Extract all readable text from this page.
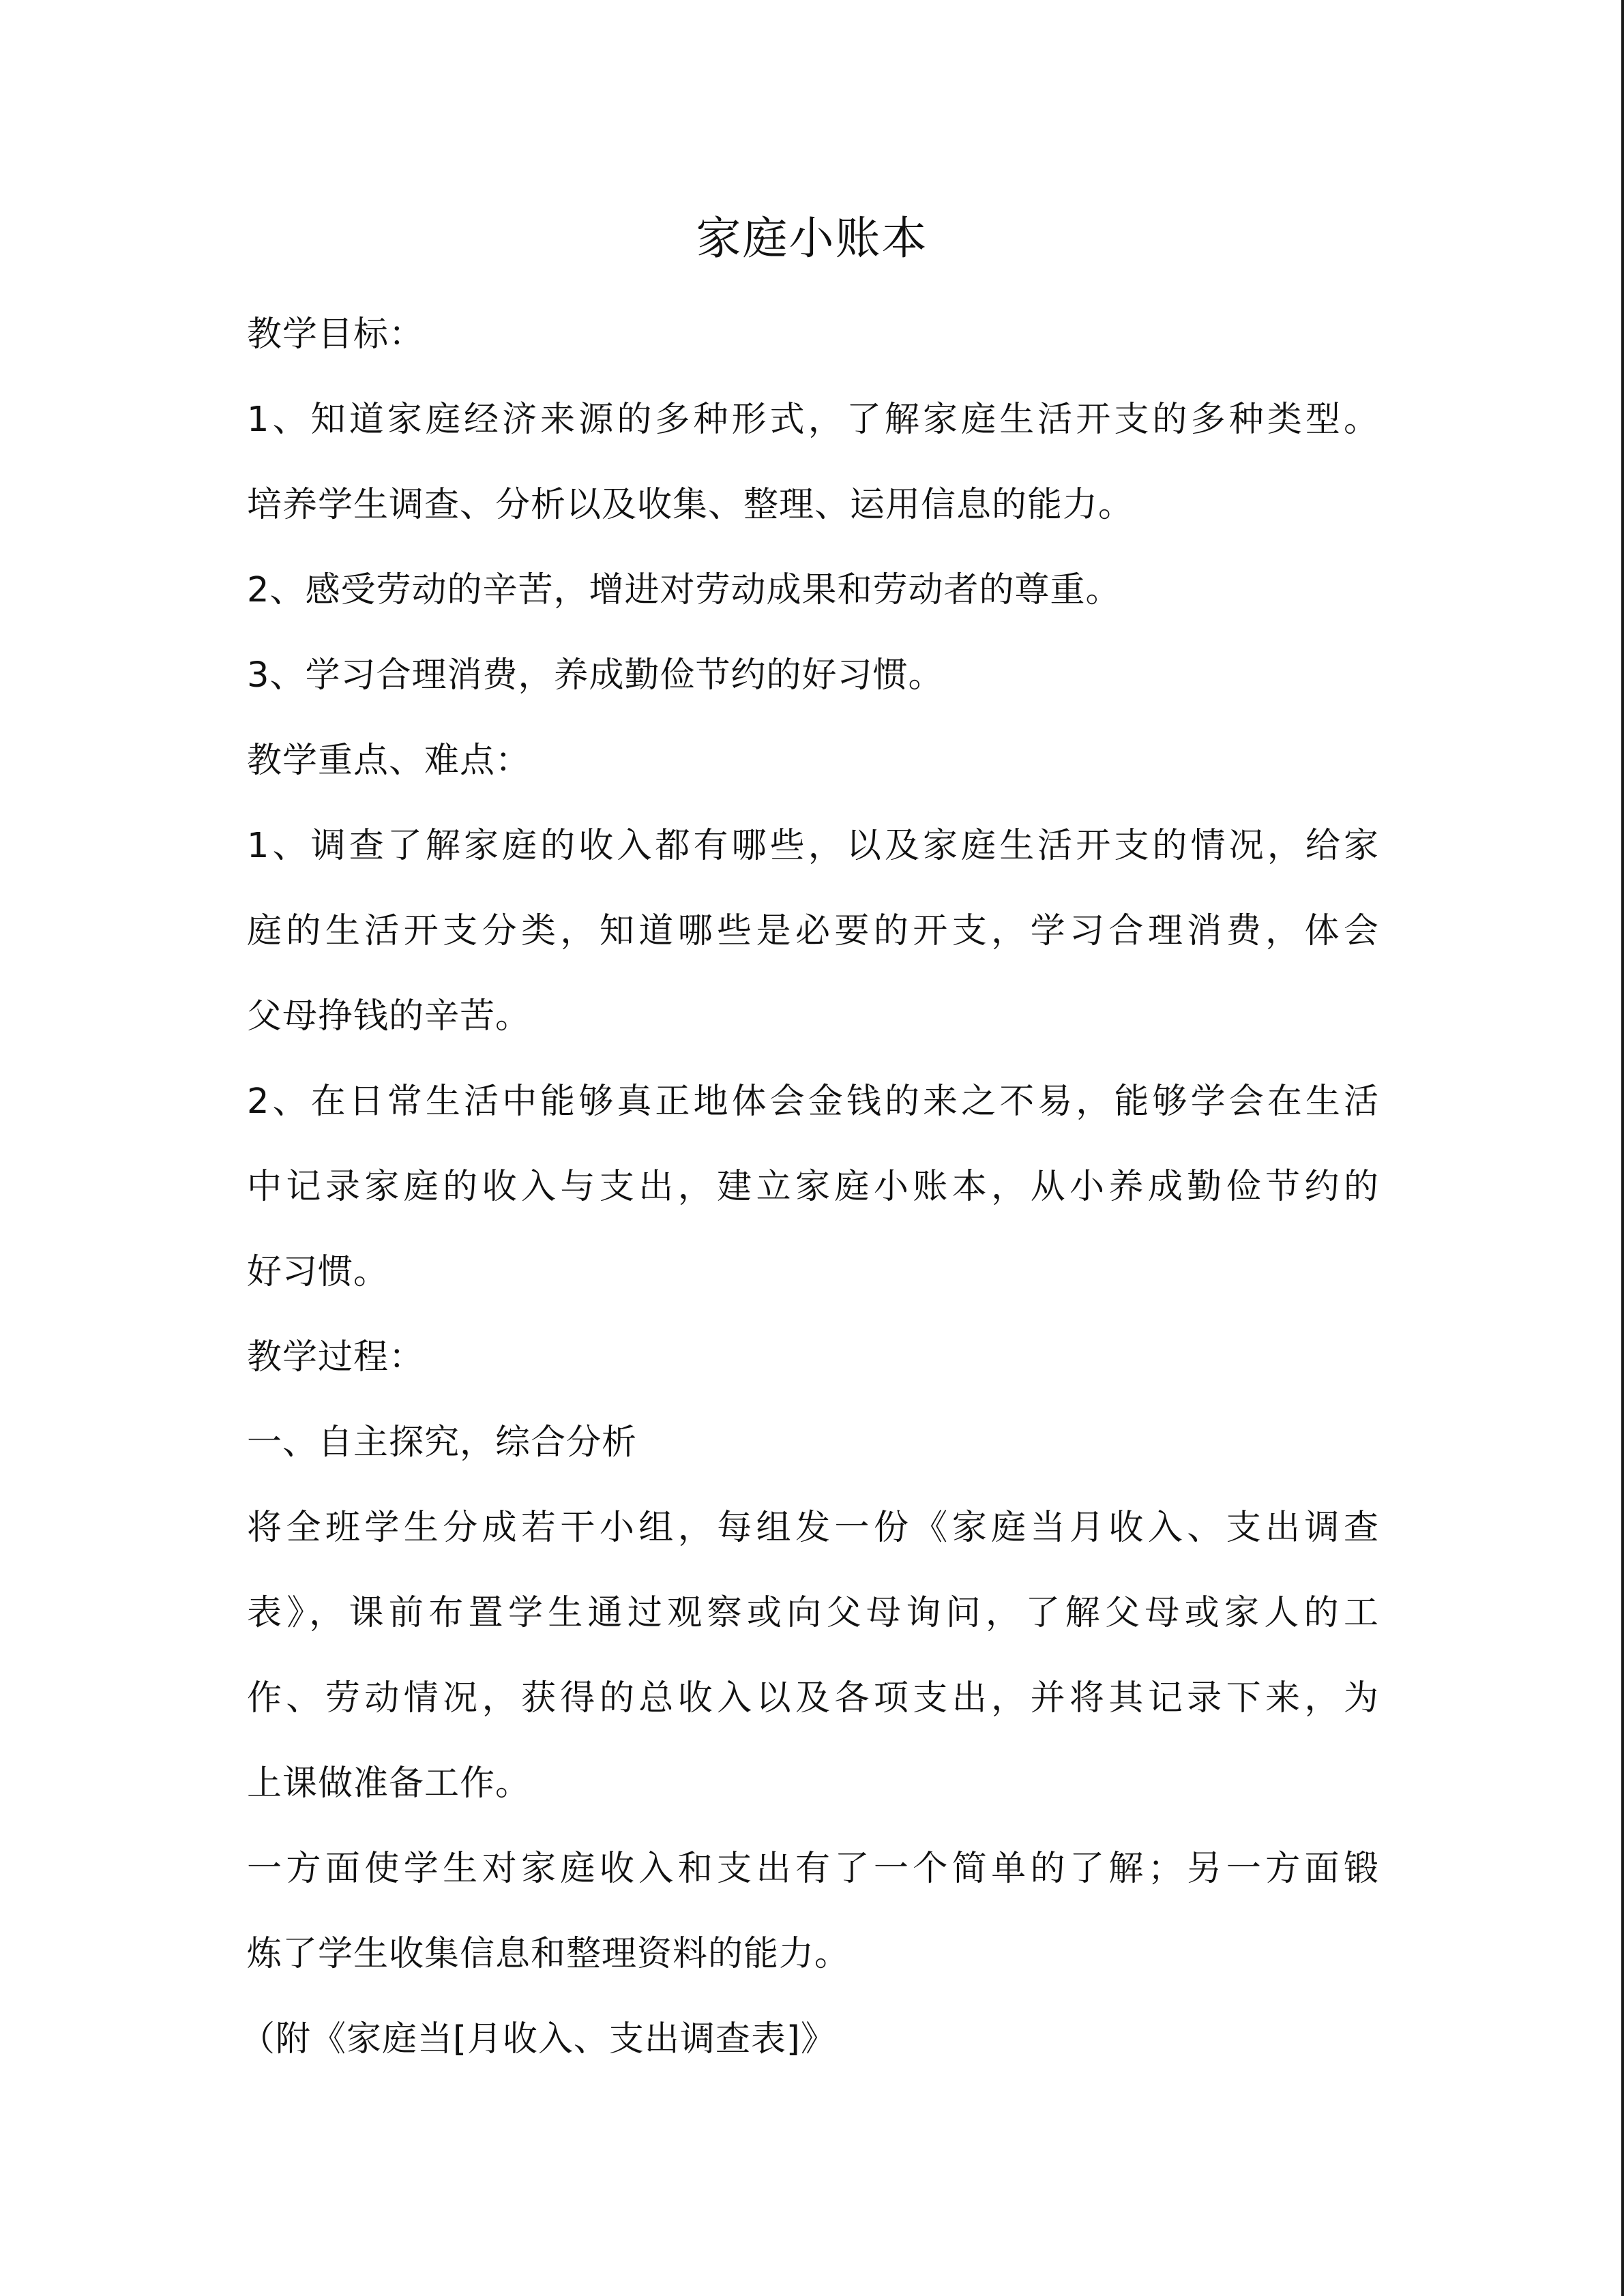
家庭小账本
教学目标：
1、知道家庭经济来源的多种形式，了解家庭生活开支的多种类型。
培养学生调查、分析以及收集、整理、运用信息的能力。
2、感受劳动的辛苦，增进对劳动成果和劳动者的尊重。
3、学习合理消费，养成勤俭节约的好习惯。
教学重点、难点：
1、调查了解家庭的收入都有哪些，以及家庭生活开支的情况，给家
庭的生活开支分类，知道哪些是必要的开支，学习合理消费，体会
父母挣钱的辛苦。
2、在日常生活中能够真正地体会金钱的来之不易，能够学会在生活
中记录家庭的收入与支出，建立家庭小账本，从小养成勤俭节约的
好习惯。
教学过程：
一、自主探究，综合分析
将全班学生分成若干小组，每组发一份《家庭当月收入、支出调查
表》，课前布置学生通过观察或向父母询问，了解父母或家人的工
作、劳动情况，获得的总收入以及各项支出，并将其记录下来，为
上课做准备工作。
一方面使学生对家庭收入和支出有了一个简单的了解；另一方面锻
炼了学生收集信息和整理资料的能力。
（附《家庭当[月收入、支出调查表]》
